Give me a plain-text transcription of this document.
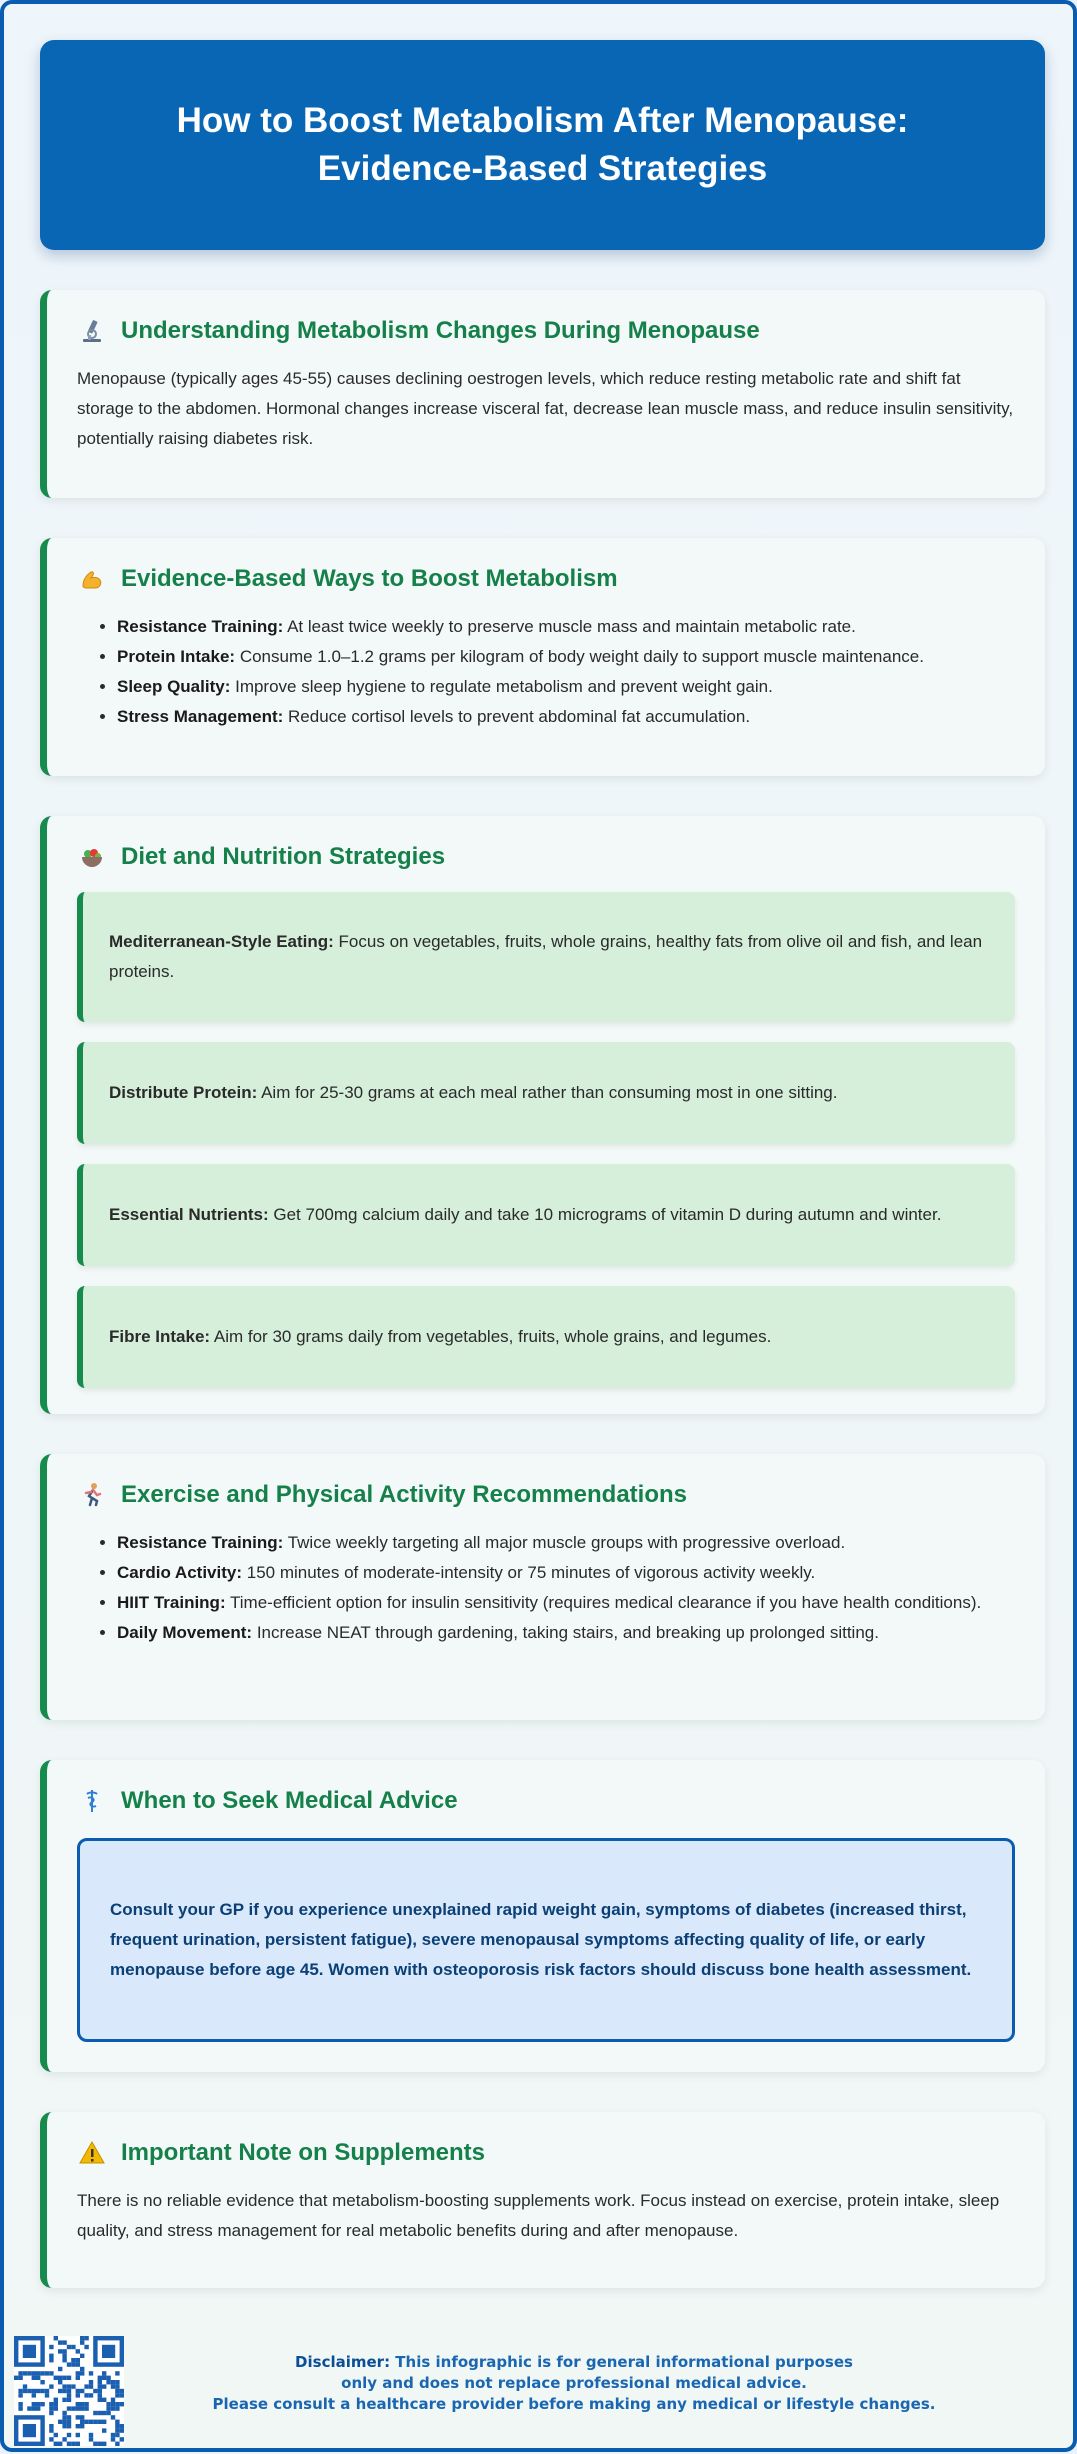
How to Boost Metabolism After Menopause:
Evidence-Based Strategies
Understanding Metabolism Changes During Menopause

Menopause (typically ages 45-55) causes declining oestrogen levels, which reduce resting metabolic rate and shift fat storage to the abdomen. Hormonal changes increase visceral fat, decrease lean muscle mass, and reduce insulin sensitivity, potentially raising diabetes risk.

Evidence-Based Ways to Boost Metabolism
• Resistance Training: At least twice weekly to preserve muscle mass and maintain metabolic rate.
• Protein Intake: Consume 1.0–1.2 grams per kilogram of body weight daily to support muscle maintenance.
• Sleep Quality: Improve sleep hygiene to regulate metabolism and prevent weight gain.
• Stress Management: Reduce cortisol levels to prevent abdominal fat accumulation.
Diet and Nutrition Strategies

Mediterranean-Style Eating: Focus on vegetables, fruits, whole grains, healthy fats from olive oil and fish, and lean proteins.

Distribute Protein: Aim for 25-30 grams at each meal rather than consuming most in one sitting.

Essential Nutrients: Get 700mg calcium daily and take 10 micrograms of vitamin D during autumn and winter.

Fibre Intake: Aim for 30 grams daily from vegetables, fruits, whole grains, and legumes.

Exercise and Physical Activity Recommendations
• Resistance Training: Twice weekly targeting all major muscle groups with progressive overload.
• Cardio Activity: 150 minutes of moderate-intensity or 75 minutes of vigorous activity weekly.
• HIIT Training: Time-efficient option for insulin sensitivity (requires medical clearance if you have health conditions).
• Daily Movement: Increase NEAT through gardening, taking stairs, and breaking up prolonged sitting.
When to Seek Medical Advice

Consult your GP if you experience unexplained rapid weight gain, symptoms of diabetes (increased thirst, frequent urination, persistent fatigue), severe menopausal symptoms affecting quality of life, or early menopause before age 45. Women with osteoporosis risk factors should discuss bone health assessment.

Important Note on Supplements

There is no reliable evidence that metabolism-boosting supplements work. Focus instead on exercise, protein intake, sleep quality, and stress management for real metabolic benefits during and after menopause.

Disclaimer: This infographic is for general informational purposes
only and does not replace professional medical advice.
Please consult a healthcare provider before making any medical or lifestyle changes.
